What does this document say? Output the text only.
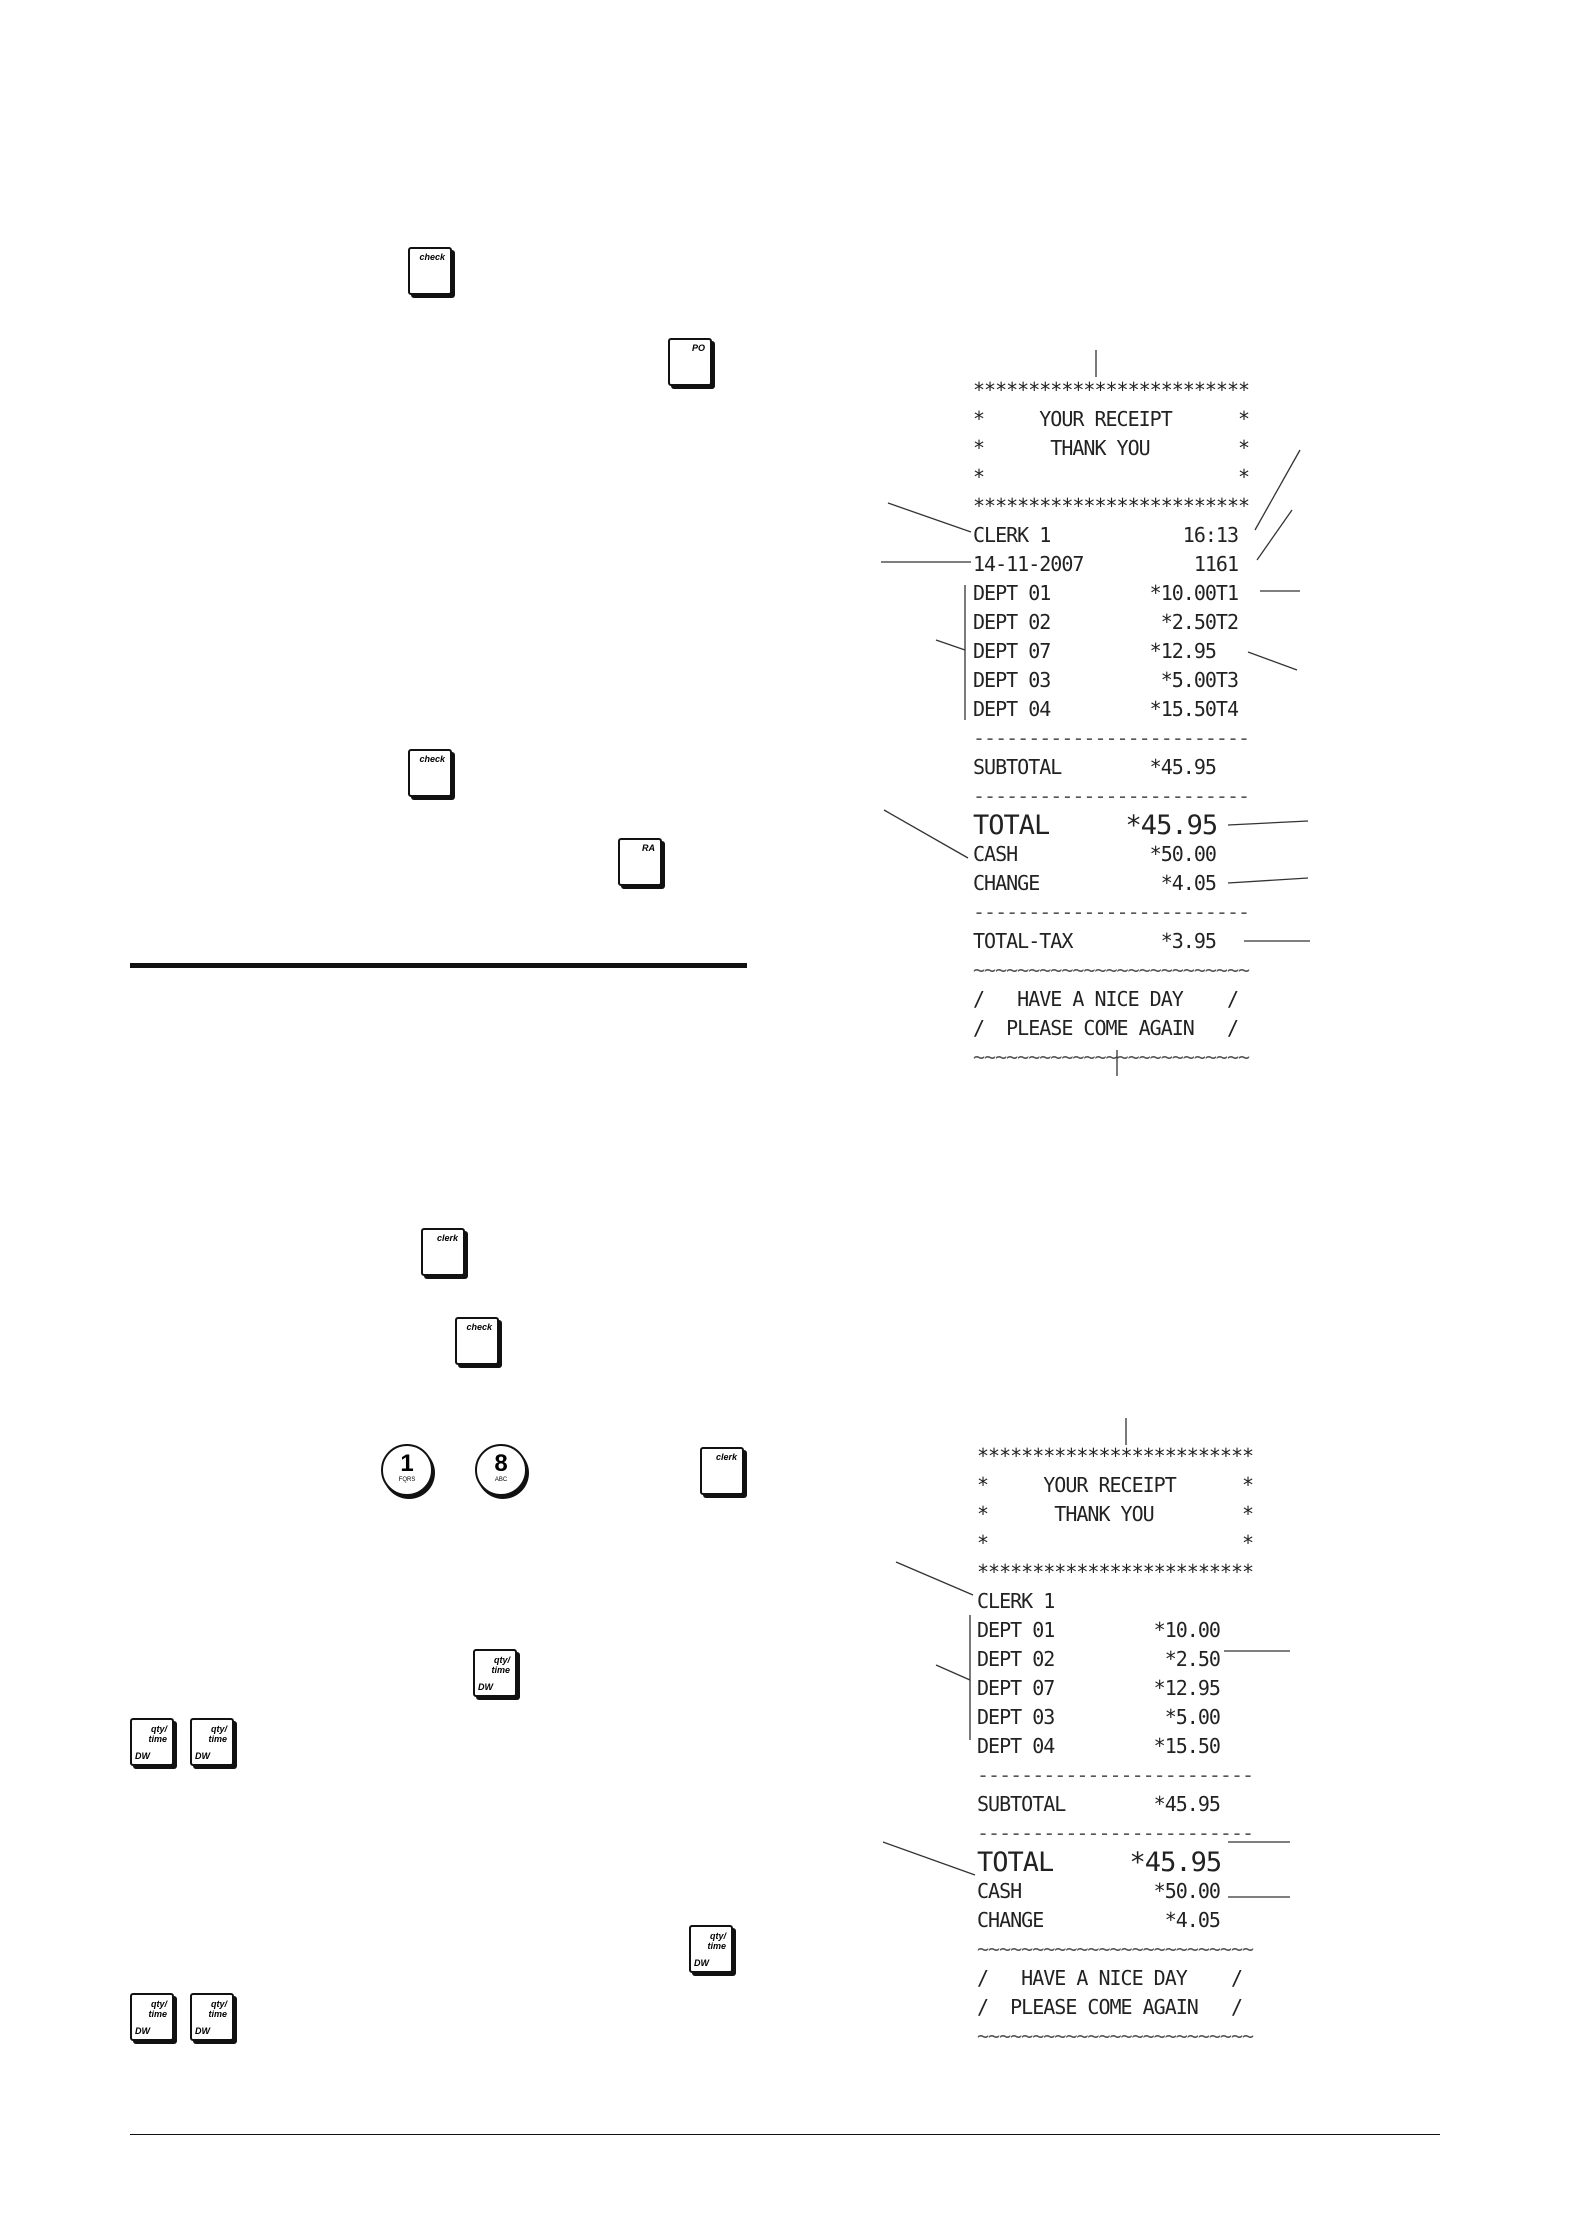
check
PO
check
RA
clerk
check
1
FQRS
8
ABC
clerk
qty/
time
DW
qty/
time
DW
qty/
time
DW
qty/
time
DW
qty/
time
DW
qty/
time
DW
*************************
*     YOUR RECEIPT      *
*      THANK YOU        *
*                       *
*************************
CLERK 1            16:13
14-11-2007          1161
DEPT 01         *10.00T1
DEPT 02          *2.50T2
DEPT 07         *12.95
DEPT 03          *5.00T3
DEPT 04         *15.50T4
-------------------------
SUBTOTAL        *45.95
-------------------------
TOTAL     *45.95
CASH            *50.00
CHANGE           *4.05
-------------------------
TOTAL-TAX        *3.95
~~~~~~~~~~~~~~~~~~~~~~~~~
/   HAVE A NICE DAY    /
/  PLEASE COME AGAIN   /
~~~~~~~~~~~~~~~~~~~~~~~~~
*************************
*     YOUR RECEIPT      *
*      THANK YOU        *
*                       *
*************************
CLERK 1
DEPT 01         *10.00
DEPT 02          *2.50
DEPT 07         *12.95
DEPT 03          *5.00
DEPT 04         *15.50
-------------------------
SUBTOTAL        *45.95
-------------------------
TOTAL     *45.95
CASH            *50.00
CHANGE           *4.05
~~~~~~~~~~~~~~~~~~~~~~~~~
/   HAVE A NICE DAY    /
/  PLEASE COME AGAIN   /
~~~~~~~~~~~~~~~~~~~~~~~~~
